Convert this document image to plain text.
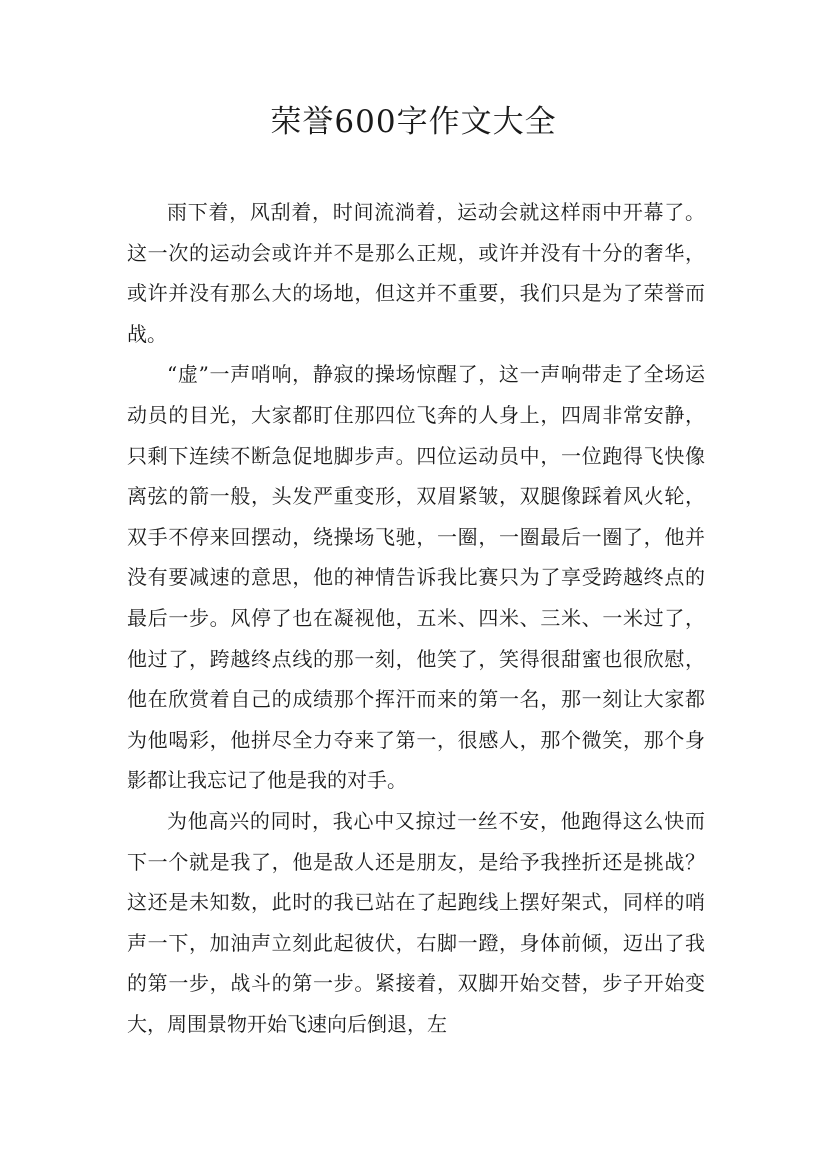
荣誉600字作文大全

雨下着，风刮着，时间流淌着，运动会就这样雨中开幕了。这一次的运动会或许并不是那么正规，或许并没有十分的奢华，或许并没有那么大的场地，但这并不重要，我们只是为了荣誉而战。

“虚”一声哨响，静寂的操场惊醒了，这一声响带走了全场运动员的目光，大家都盯住那四位飞奔的人身上，四周非常安静，只剩下连续不断急促地脚步声。四位运动员中，一位跑得飞快像离弦的箭一般，头发严重变形，双眉紧皱，双腿像踩着风火轮，双手不停来回摆动，绕操场飞驰，一圈，一圈最后一圈了，他并没有要减速的意思，他的神情告诉我比赛只为了享受跨越终点的最后一步。风停了也在凝视他，五米、四米、三米、一米过了，他过了，跨越终点线的那一刻，他笑了，笑得很甜蜜也很欣慰，他在欣赏着自己的成绩那个挥汗而来的第一名，那一刻让大家都为他喝彩，他拼尽全力夺来了第一，很感人，那个微笑，那个身影都让我忘记了他是我的对手。

为他高兴的同时，我心中又掠过一丝不安，他跑得这么快而下一个就是我了，他是敌人还是朋友，是给予我挫折还是挑战？这还是未知数，此时的我已站在了起跑线上摆好架式，同样的哨声一下，加油声立刻此起彼伏，右脚一蹬，身体前倾，迈出了我的第一步，战斗的第一步。紧接着，双脚开始交替，步子开始变大，周围景物开始飞速向后倒退，左
